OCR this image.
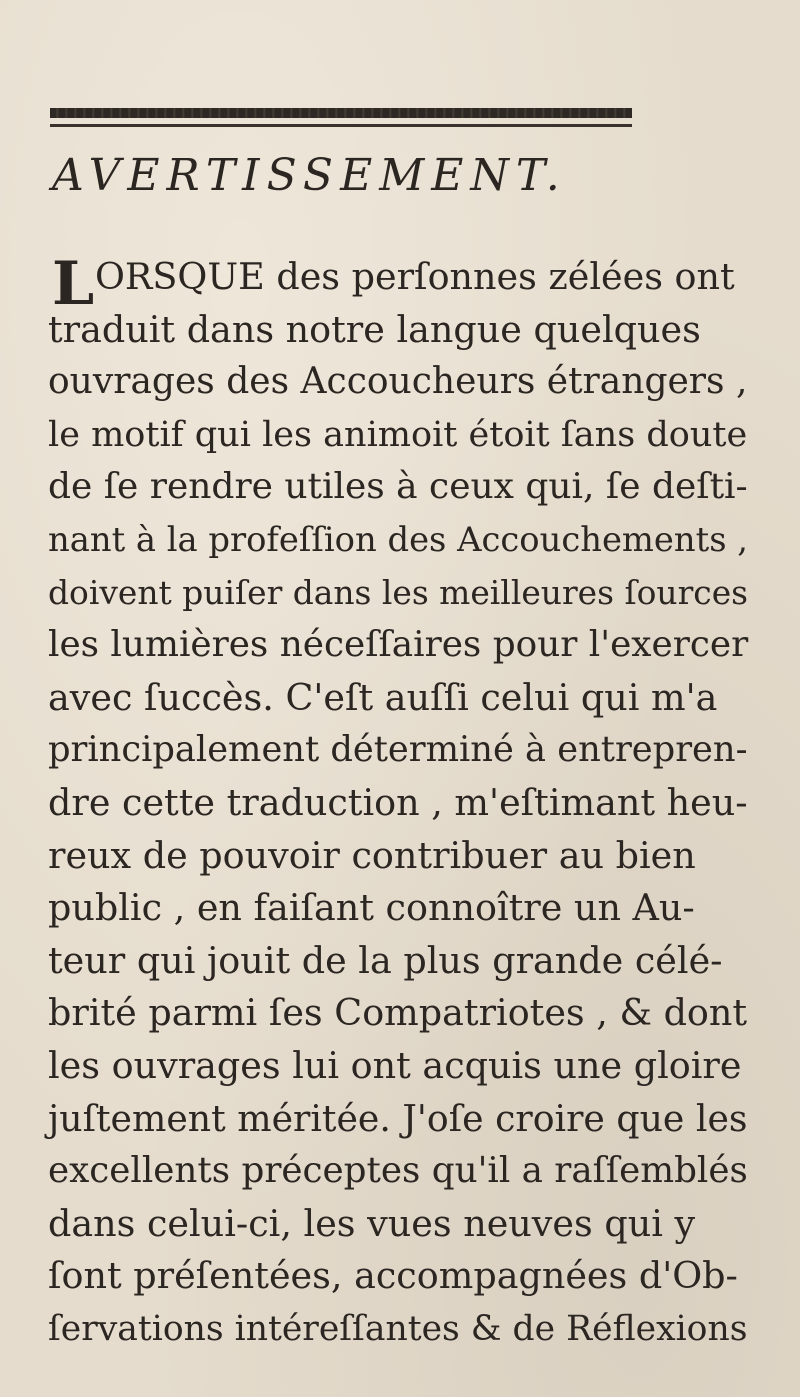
AVERTISSEMENT.
L ORSQUE des perſonnes zélées ont
traduit dans notre langue quelques
ouvrages des Accoucheurs étrangers ,
le motif qui les animoit étoit ſans doute
de ſe rendre utiles à ceux qui, ſe deſti-
nant à la profeſſion des Accouchements ,
doivent puiſer dans les meilleures ſources
les lumières néceſſaires pour l'exercer
avec ſuccès. C'eſt auſſi celui qui m'a
principalement déterminé à entrepren-
dre cette traduction , m'eſtimant heu-
reux de pouvoir contribuer au bien
public , en faiſant connoître un Au-
teur qui jouit de la plus grande célé-
brité parmi ſes Compatriotes , & dont
les ouvrages lui ont acquis une gloire
juſtement méritée. J'oſe croire que les
excellents préceptes qu'il a raſſemblés
dans celui-ci, les vues neuves qui y
ſont préſentées, accompagnées d'Ob-
ſervations intéreſſantes & de Réflexions
